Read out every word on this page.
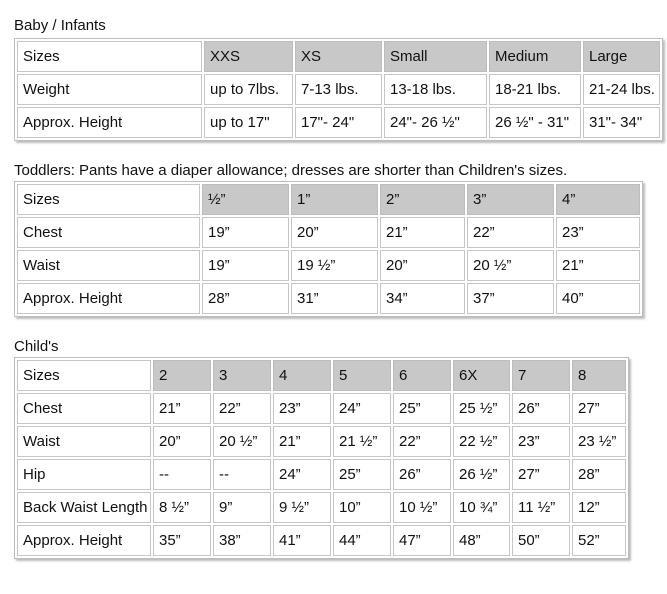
Baby / Infants
Sizes	XXS	XS	Small	Medium	Large
Weight	up to 7lbs.	7-13 lbs.	13-18 lbs.	18-21 lbs.	21-24 lbs.
Approx. Height	up to 17"	17"- 24"	24"- 26 ½"	26 ½" - 31"	31"- 34"
Toddlers: Pants have a diaper allowance; dresses are shorter than Children's sizes.
Sizes	½”	1”	2”	3”	4”
Chest	19”	20”	21”	22”	23”
Waist	19”	19 ½”	20”	20 ½”	21”
Approx. Height	28”	31”	34”	37”	40”
Child's
Sizes	2	3	4	5	6	6X	7	8
Chest	21”	22”	23”	24”	25”	25 ½”	26”	27”
Waist	20”	20 ½”	21”	21 ½”	22”	22 ½”	23”	23 ½”
Hip	--	--	24”	25”	26”	26 ½”	27”	28”
Back Waist Length	8 ½”	9”	9 ½”	10”	10 ½”	10 ¾”	11 ½”	12”
Approx. Height	35”	38”	41”	44”	47”	48”	50”	52”
